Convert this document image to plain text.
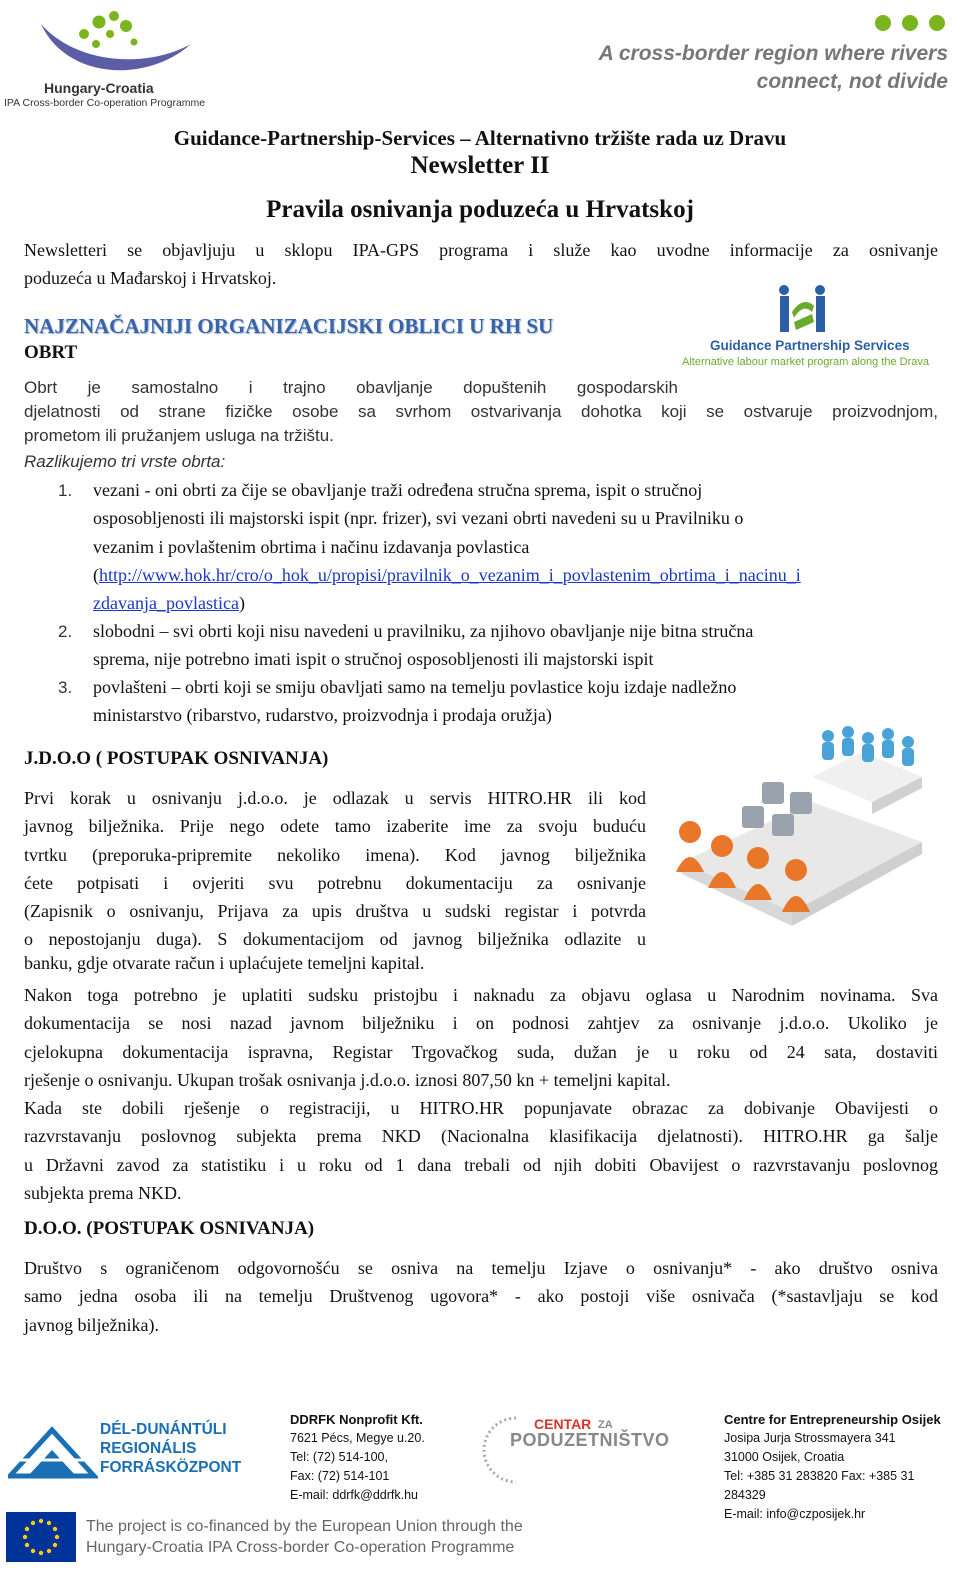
Hungary-Croatia
IPA Cross-border Co-operation Programme
A cross-border region where rivers
connect, not divide
Guidance-Partnership-Services – Alternativno tržište rada uz Dravu
Newsletter II
Pravila osnivanja poduzeća u Hrvatskoj
Newsletteri se objavljuju u sklopu IPA-GPS programa i služe kao uvodne informacije za osnivanje
poduzeća u Mađarskoj i Hrvatskoj.
Guidance Partnership Services
Alternative labour market program along the Drava
NAJZNAČAJNIJI ORGANIZACIJSKI OBLICI U RH SU
OBRT
Obrt je samostalno i trajno obavljanje dopuštenih gospodarskih
djelatnosti od strane fizičke osobe sa svrhom ostvarivanja dohotka koji se ostvaruje proizvodnjom,
prometom ili pružanjem usluga na tržištu.
Razlikujemo tri vrste obrta:
1. vezani - oni obrti za čije se obavljanje traži određena stručna sprema, ispit o stručnoj
osposobljenosti ili majstorski ispit (npr. frizer), svi vezani obrti navedeni su u Pravilniku o
vezanim i povlaštenim obrtima i načinu izdavanja povlastica
(http://www.hok.hr/cro/o_hok_u/propisi/pravilnik_o_vezanim_i_povlastenim_obrtima_i_nacinu_i
zdavanja_povlastica)
2. slobodni – svi obrti koji nisu navedeni u pravilniku, za njihovo obavljanje nije bitna stručna
sprema, nije potrebno imati ispit o stručnoj osposobljenosti ili majstorski ispit
3. povlašteni – obrti koji se smiju obavljati samo na temelju povlastice koju izdaje nadležno
ministarstvo (ribarstvo, rudarstvo, proizvodnja i prodaja oružja)
J.D.O.O ( POSTUPAK OSNIVANJA)
Prvi korak u osnivanju j.d.o.o. je odlazak u servis HITRO.HR ili kod
javnog bilježnika. Prije nego odete tamo izaberite ime za svoju buduću
tvrtku (preporuka-pripremite nekoliko imena). Kod javnog bilježnika
ćete potpisati i ovjeriti svu potrebnu dokumentaciju za osnivanje
(Zapisnik o osnivanju, Prijava za upis društva u sudski registar i potvrda
o nepostojanju duga). S dokumentacijom od javnog bilježnika odlazite u
banku, gdje otvarate račun i uplaćujete temeljni kapital.
Nakon toga potrebno je uplatiti sudsku pristojbu i naknadu za objavu oglasa u Narodnim novinama. Sva
dokumentacija se nosi nazad javnom bilježniku i on podnosi zahtjev za osnivanje j.d.o.o. Ukoliko je
cjelokupna dokumentacija ispravna, Registar Trgovačkog suda, dužan je u roku od 24 sata, dostaviti
rješenje o osnivanju. Ukupan trošak osnivanja j.d.o.o. iznosi 807,50 kn + temeljni kapital.
Kada ste dobili rješenje o registraciji, u HITRO.HR popunjavate obrazac za dobivanje Obavijesti o
razvrstavanju poslovnog subjekta prema NKD (Nacionalna klasifikacija djelatnosti). HITRO.HR ga šalje
u Državni zavod za statistiku i u roku od 1 dana trebali od njih dobiti Obavijest o razvrstavanju poslovnog
subjekta prema NKD.
D.O.O. (POSTUPAK OSNIVANJA)
Društvo s ograničenom odgovornošću se osniva na temelju Izjave o osnivanju* - ako društvo osniva
samo jedna osoba ili na temelju Društvenog ugovora* - ako postoji više osnivača (*sastavljaju se kod
javnog bilježnika).
DÉL-DUNÁNTÚLI
REGIONÁLIS
FORRÁSKÖZPONT
DDRFK Nonprofit Kft.
7621 Pécs, Megye u.20.
Tel: (72) 514-100,
Fax: (72) 514-101
E-mail: ddrfk@ddrfk.hu
CENTAR ZA
PODUZETNIŠTVO
Centre for Entrepreneurship Osijek
Josipa Jurja Strossmayera 341
31000 Osijek, Croatia
Tel: +385 31 283820 Fax: +385 31
284329
E-mail: info@czposijek.hr
The project is co-financed by the European Union through the
Hungary-Croatia IPA Cross-border Co-operation Programme
